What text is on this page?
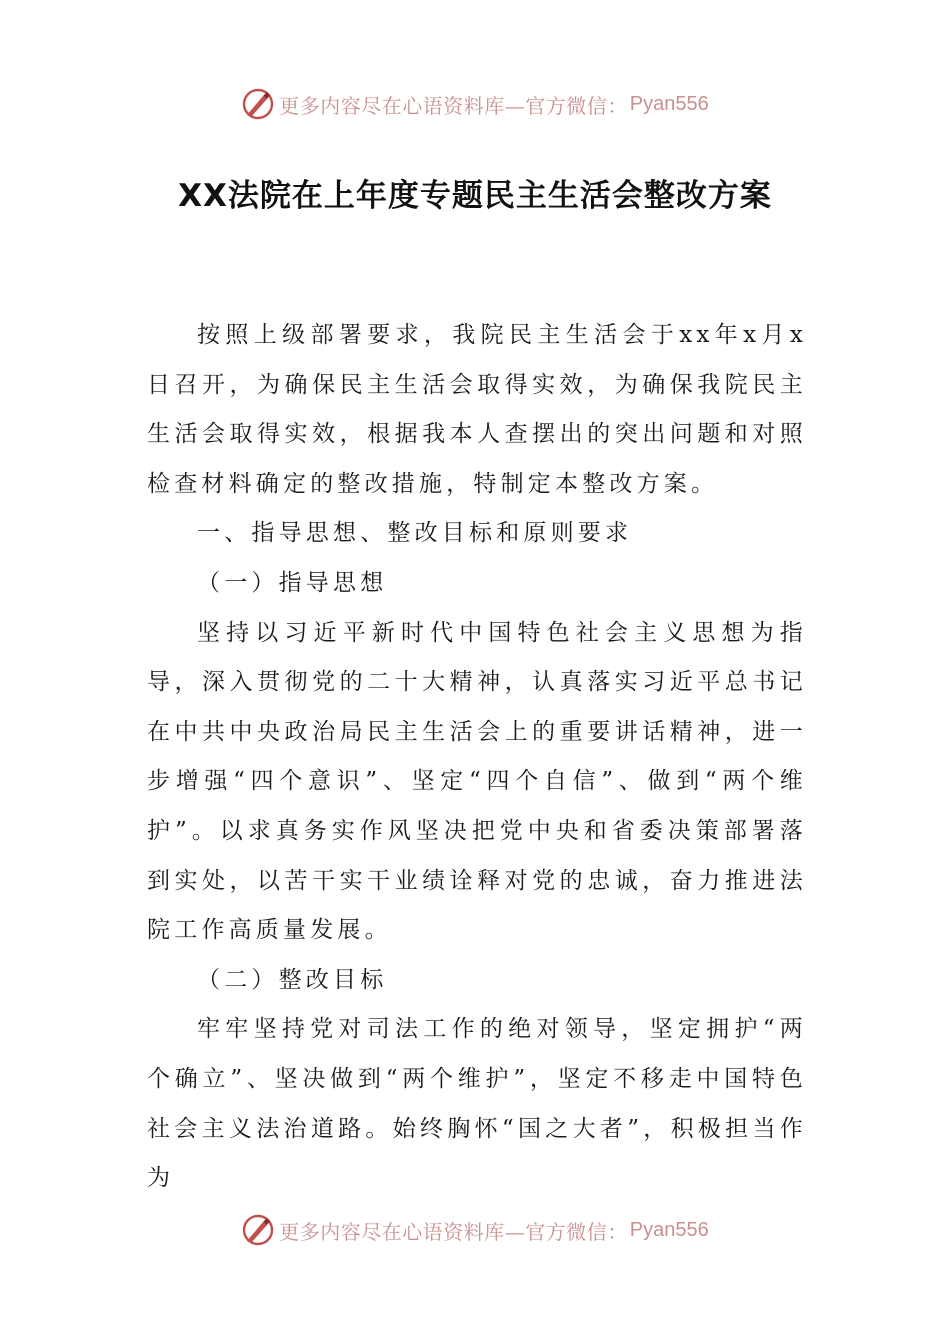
更多内容尽在心语资料库—官方微信： Pyan556
XX法院在上年度专题民主生活会整改方案

按照上级部署要求，我院民主生活会于xx年x月x日召开，为确保民主生活会取得实效，为确保我院民主生活会取得实效，根据我本人查摆出的突出问题和对照检查材料确定的整改措施，特制定本整改方案。

一、指导思想、整改目标和原则要求

（一）指导思想

坚持以习近平新时代中国特色社会主义思想为指导，深入贯彻党的二十大精神，认真落实习近平总书记在中共中央政治局民主生活会上的重要讲话精神，进一步增强“四个意识”、坚定“四个自信”、做到“两个维护”。以求真务实作风坚决把党中央和省委决策部署落到实处，以苦干实干业绩诠释对党的忠诚，奋力推进法院工作高质量发展。

（二）整改目标

牢牢坚持党对司法工作的绝对领导，坚定拥护“两个确立”、坚决做到“两个维护”，坚定不移走中国特色社会主义法治道路。始终胸怀“国之大者”，积极担当作为

更多内容尽在心语资料库—官方微信： Pyan556
